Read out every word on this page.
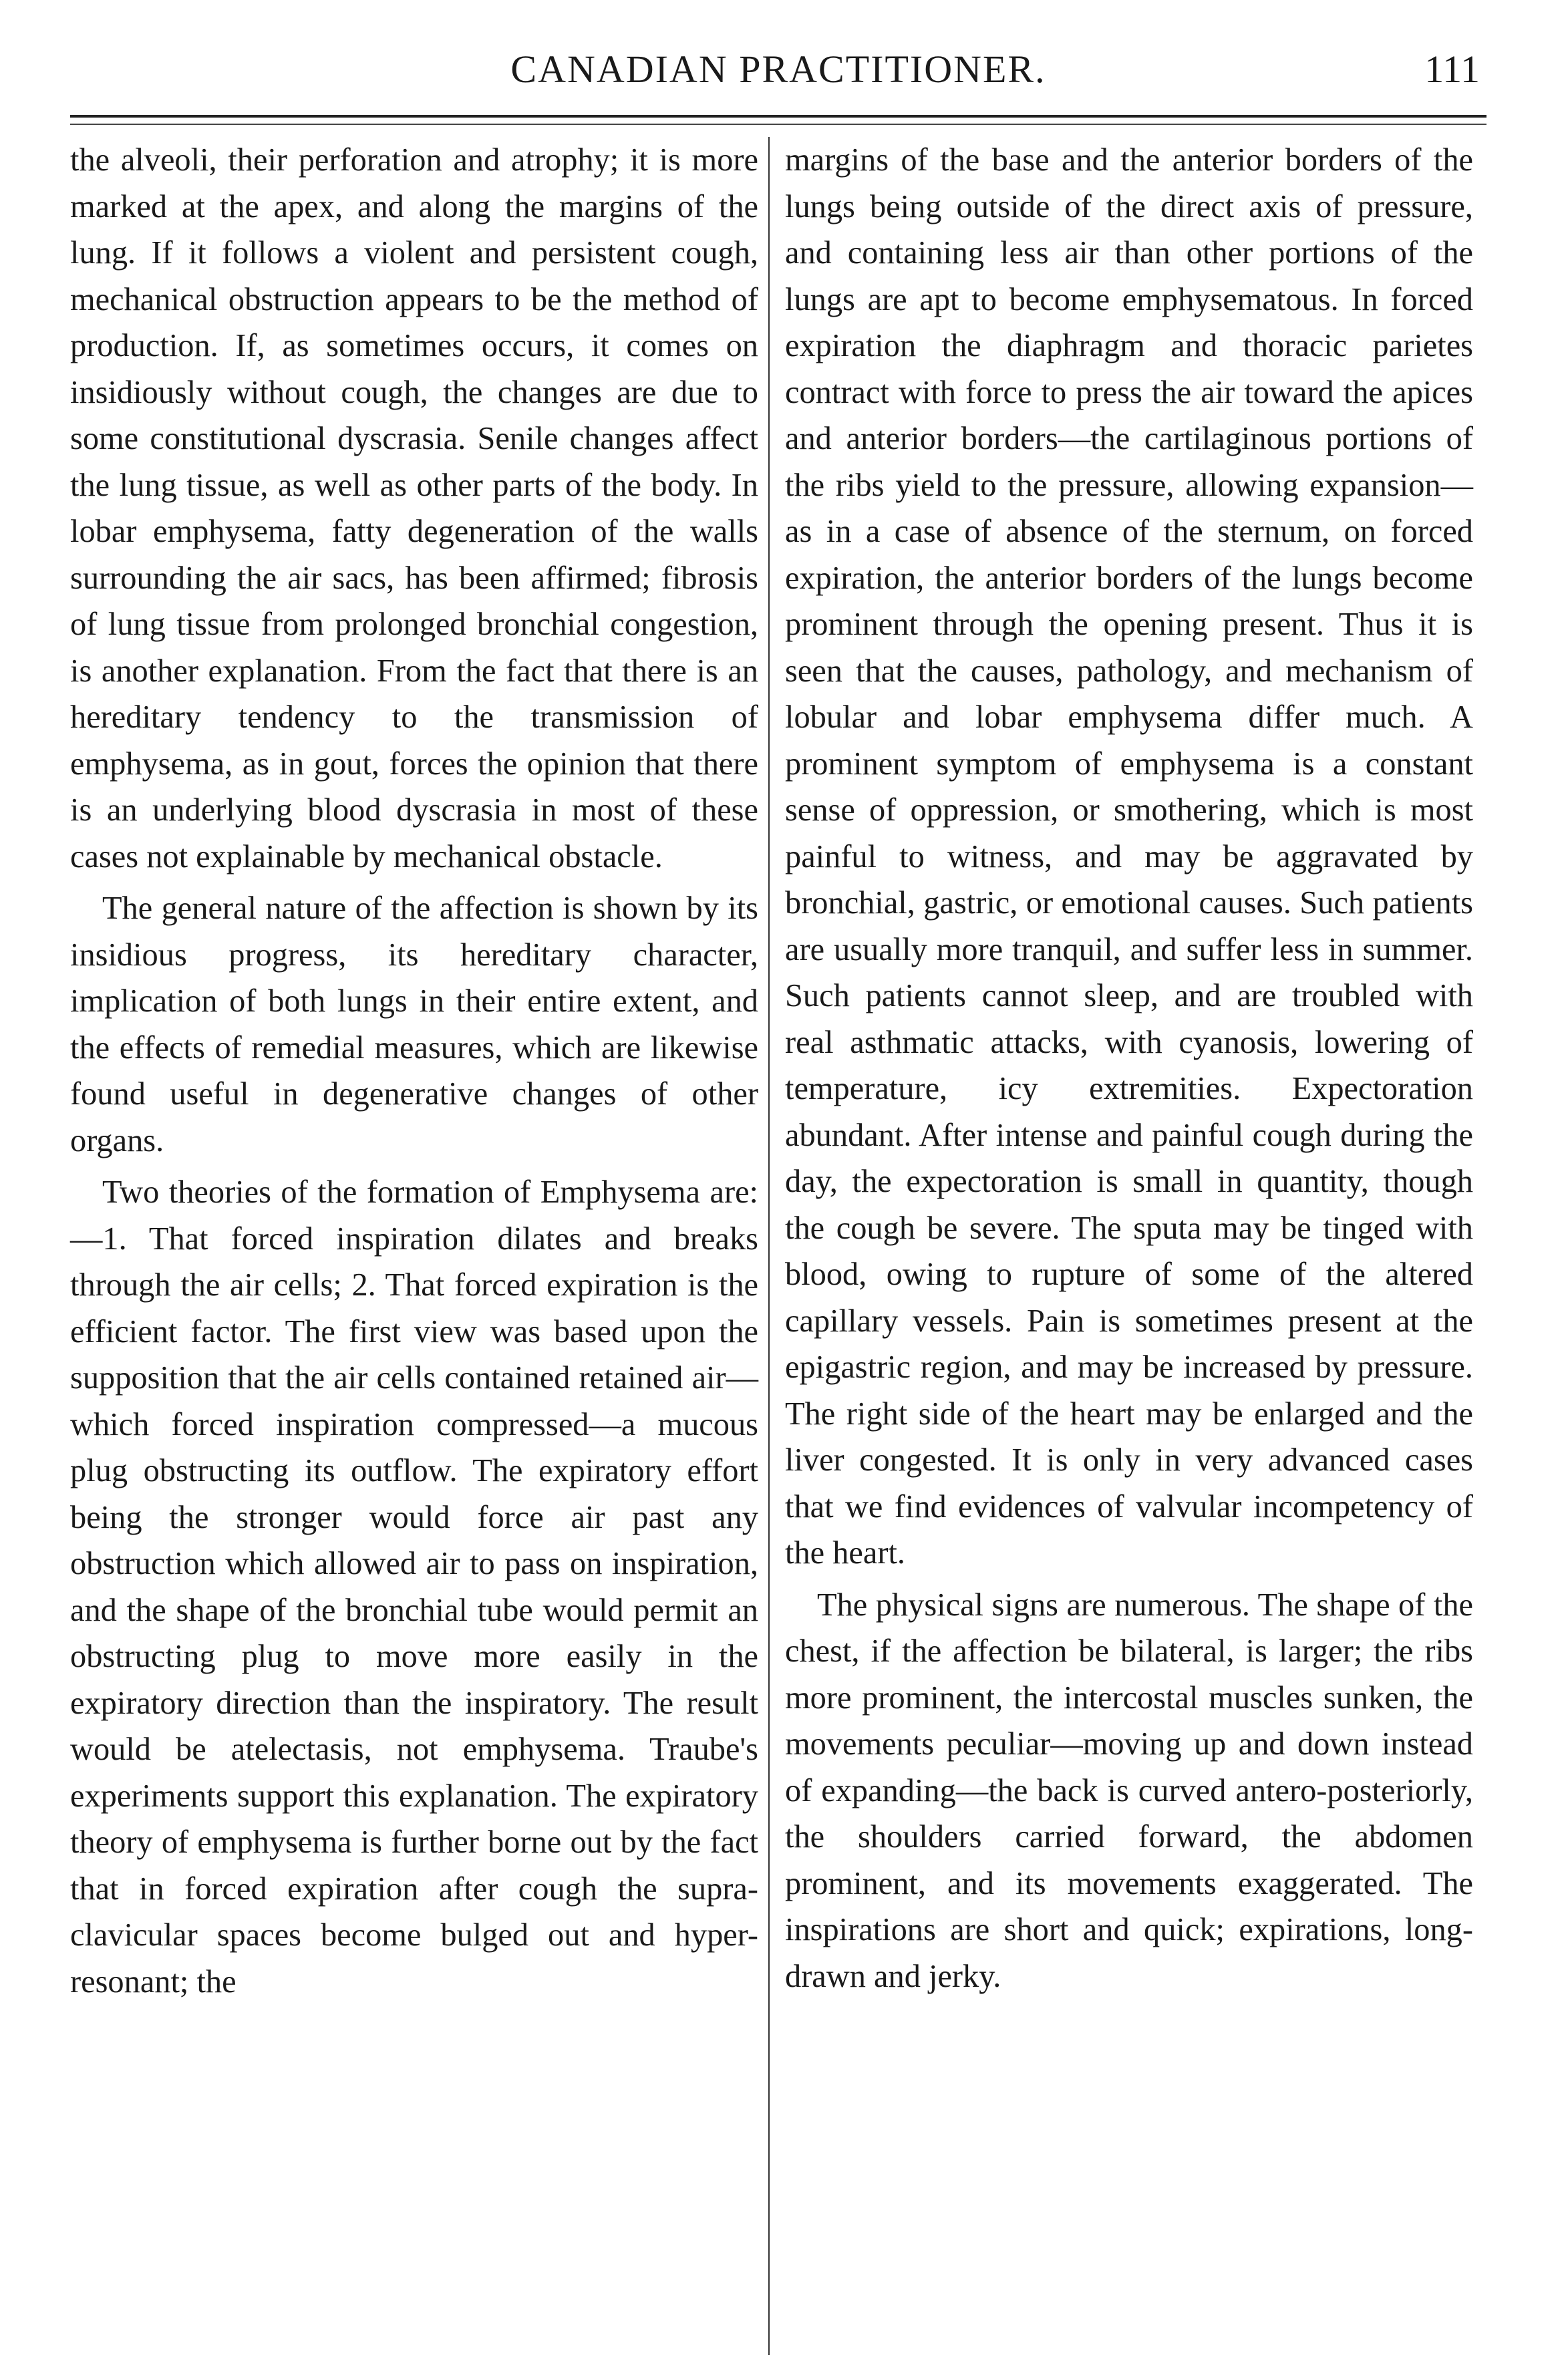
CANADIAN PRACTITIONER.	111

the alveoli, their perforation and atrophy; it is more marked at the apex, and along the margins of the lung. If it follows a violent and persistent cough, mechanical obstruction appears to be the method of production. If, as sometimes occurs, it comes on insidiously without cough, the changes are due to some constitutional dyscrasia. Senile changes affect the lung tissue, as well as other parts of the body. In lobar emphysema, fatty degeneration of the walls surrounding the air sacs, has been affirmed; fibrosis of lung tissue from prolonged bronchial congestion, is another explanation. From the fact that there is an hereditary tendency to the transmission of emphysema, as in gout, forces the opinion that there is an underlying blood dyscrasia in most of these cases not explainable by mechanical obstacle.

The general nature of the affection is shown by its insidious progress, its hereditary character, implication of both lungs in their entire extent, and the effects of remedial measures, which are likewise found useful in degenerative changes of other organs.

Two theories of the formation of Emphysema are:—1. That forced inspiration dilates and breaks through the air cells; 2. That forced expiration is the efficient factor. The first view was based upon the supposition that the air cells contained retained air—which forced inspiration compressed—a mucous plug obstructing its outflow. The expiratory effort being the stronger would force air past any obstruction which allowed air to pass on inspiration, and the shape of the bronchial tube would permit an obstructing plug to move more easily in the expiratory direction than the inspiratory. The result would be atelectasis, not emphysema. Traube's experiments support this explanation. The expiratory theory of emphysema is further borne out by the fact that in forced expiration after cough the supra-clavicular spaces become bulged out and hyper-resonant; the

margins of the base and the anterior borders of the lungs being outside of the direct axis of pressure, and containing less air than other portions of the lungs are apt to become emphysematous. In forced expiration the diaphragm and thoracic parietes contract with force to press the air toward the apices and anterior borders—the cartilaginous portions of the ribs yield to the pressure, allowing expansion—as in a case of absence of the sternum, on forced expiration, the anterior borders of the lungs become prominent through the opening present. Thus it is seen that the causes, pathology, and mechanism of lobular and lobar emphysema differ much. A prominent symptom of emphysema is a constant sense of oppression, or smothering, which is most painful to witness, and may be aggravated by bronchial, gastric, or emotional causes. Such patients are usually more tranquil, and suffer less in summer. Such patients cannot sleep, and are troubled with real asthmatic attacks, with cyanosis, lowering of temperature, icy extremities. Expectoration abundant. After intense and painful cough during the day, the expectoration is small in quantity, though the cough be severe. The sputa may be tinged with blood, owing to rupture of some of the altered capillary vessels. Pain is sometimes present at the epigastric region, and may be increased by pressure. The right side of the heart may be enlarged and the liver congested. It is only in very advanced cases that we find evidences of valvular incompetency of the heart.

The physical signs are numerous. The shape of the chest, if the affection be bilateral, is larger; the ribs more prominent, the intercostal muscles sunken, the movements peculiar—moving up and down instead of expanding—the back is curved antero-posteriorly, the shoulders carried forward, the abdomen prominent, and its movements exaggerated. The inspirations are short and quick; expirations, long-drawn and jerky.
